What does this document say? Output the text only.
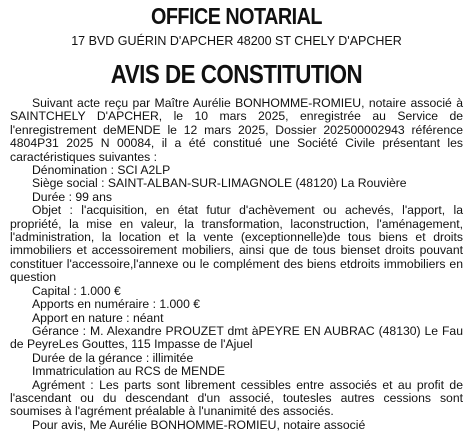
OFFICE NOTARIAL
17 BVD GUÉRIN D'APCHER 48200 ST CHELY D'APCHER
AVIS DE CONSTITUTION

Suivant acte reçu par Maître Aurélie BONHOMME-ROMIEU, notaire associé à SAINTCHELY D'APCHER, le 10 mars 2025, enregistrée au Service de l'enregistrement deMENDE le 12 mars 2025, Dossier 202500002943 référence 4804P31 2025 N 00084, il a été constitué une Société Civile présentant les caractéristiques suivantes :

Dénomination : SCI A2LP

Siège social : SAINT-ALBAN-SUR-LIMAGNOLE (48120) La Rouvière

Durée : 99 ans

Objet : l'acquisition, en état futur d'achèvement ou achevés, l'apport, la propriété, la mise en valeur, la transformation, laconstruction, l'aménagement, l'administration, la location et la vente (exceptionnelle)de tous biens et droits immobiliers et accessoirement mobiliers, ainsi que de tous bienset droits pouvant constituer l'accessoire,l'annexe ou le complément des biens etdroits immobiliers en question

Capital : 1.000 €

Apports en numéraire : 1.000 €

Apport en nature : néant

Gérance : M. Alexandre PROUZET dmt àPEYRE EN AUBRAC (48130) Le Fau de PeyreLes Gouttes, 115 Impasse de l'Ajuel

Durée de la gérance : illimitée

Immatriculation au RCS de MENDE

Agrément : Les parts sont librement cessibles entre associés et au profit de l'ascendant ou du descendant d'un associé, toutesles autres cessions sont soumises à l'agrément préalable à l'unanimité des associés.

Pour avis, Me Aurélie BONHOMME-ROMIEU, notaire associé
